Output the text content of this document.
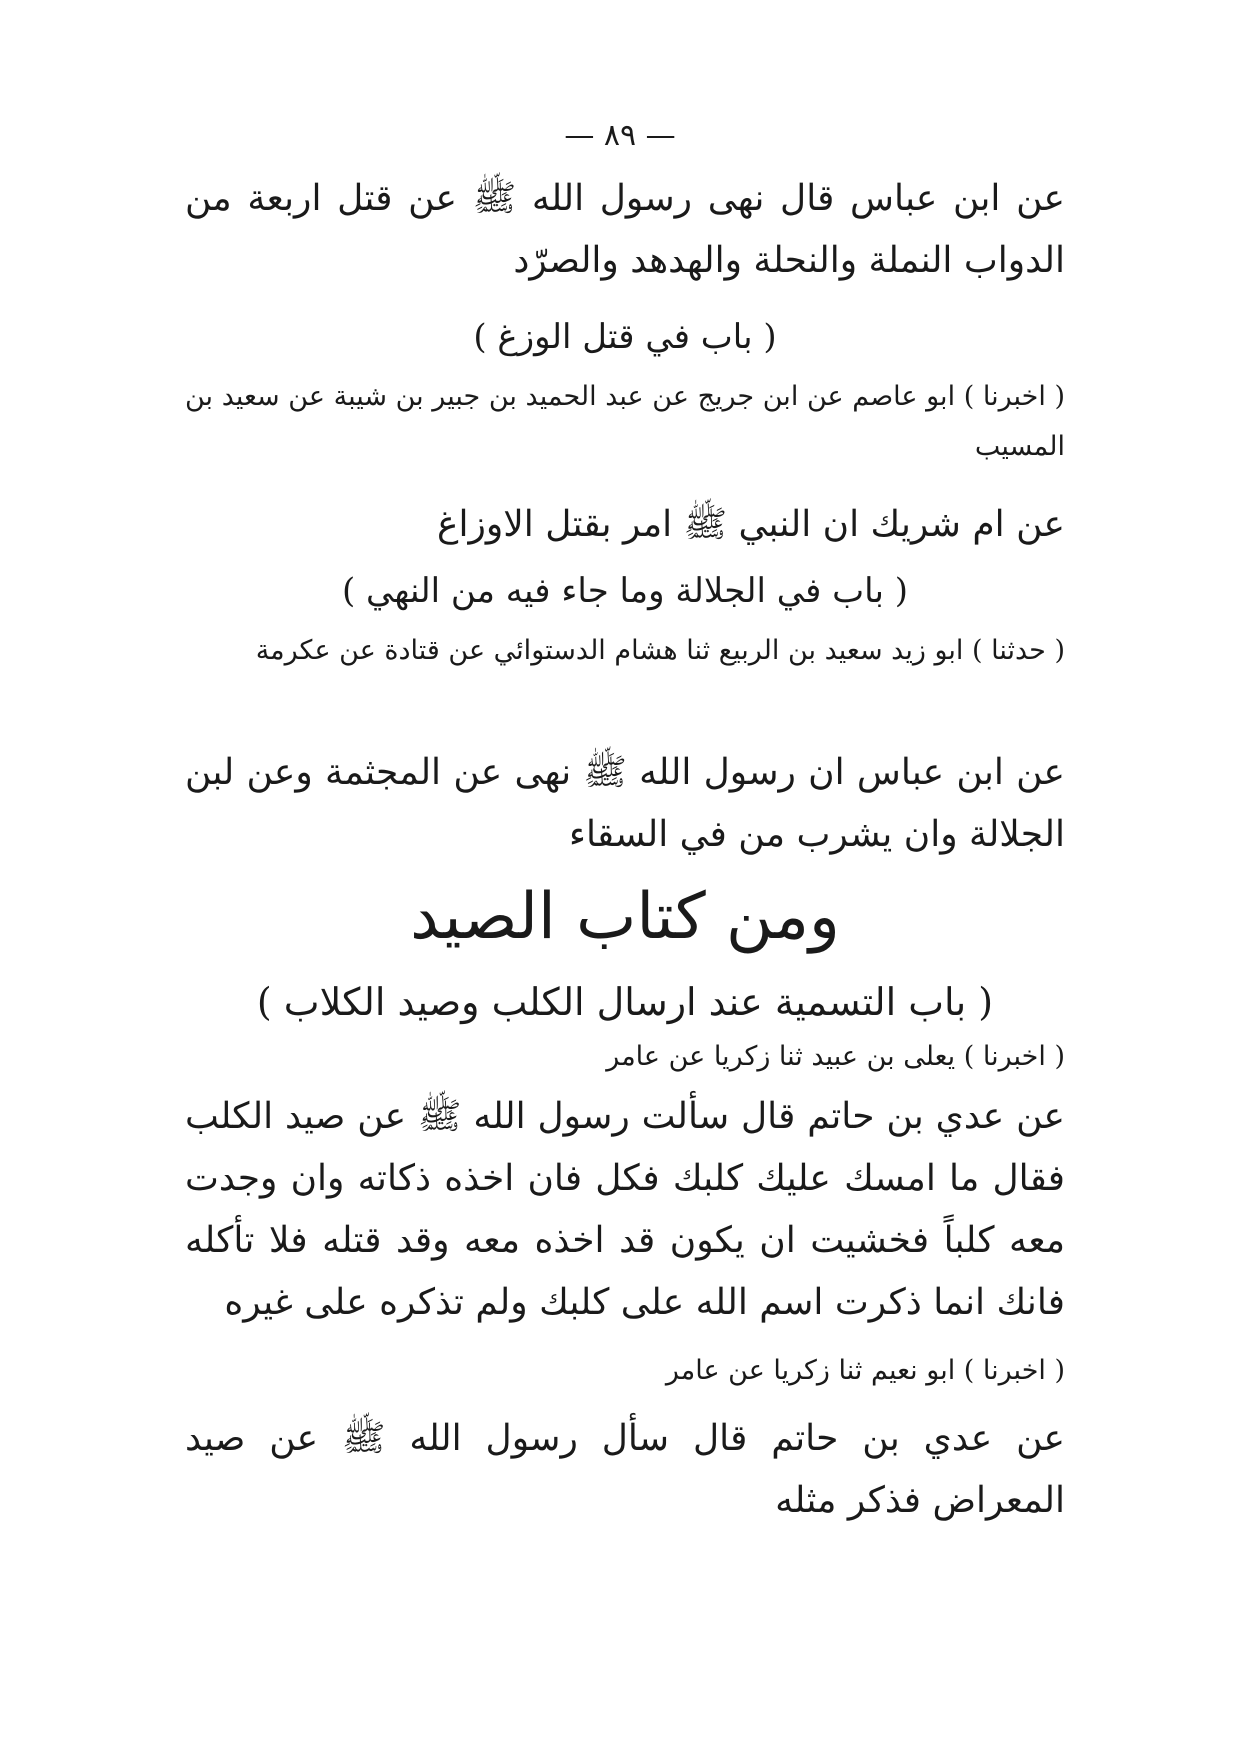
— ٨٩ —
عن ابن عباس قال نهى رسول الله ﷺ عن قتل اربعة من الدواب النملة والنحلة والهدهد والصرّد
( باب في قتل الوزغ )
( اخبرنا ) ابو عاصم عن ابن جريج عن عبد الحميد بن جبير بن شيبة عن سعيد بن المسيب
عن ام شريك ان النبي ﷺ امر بقتل الاوزاغ
( باب في الجلالة وما جاء فيه من النهي )
( حدثنا ) ابو زيد سعيد بن الربيع ثنا هشام الدستوائي عن قتادة عن عكرمة
عن ابن عباس ان رسول الله ﷺ نهى عن المجثمة وعن لبن الجلالة وان يشرب من في السقاء
ومن كتاب الصيد
( باب التسمية عند ارسال الكلب وصيد الكلاب )
( اخبرنا ) يعلى بن عبيد ثنا زكريا عن عامر
عن عدي بن حاتم قال سألت رسول الله ﷺ عن صيد الكلب فقال ما امسك عليك كلبك فكل فان اخذه ذكاته وان وجدت معه كلباً فخشيت ان يكون قد اخذه معه وقد قتله فلا تأكله فانك انما ذكرت اسم الله على كلبك ولم تذكره على غيره
( اخبرنا ) ابو نعيم ثنا زكريا عن عامر
عن عدي بن حاتم قال سأل رسول الله ﷺ عن صيد المعراض فذكر مثله
